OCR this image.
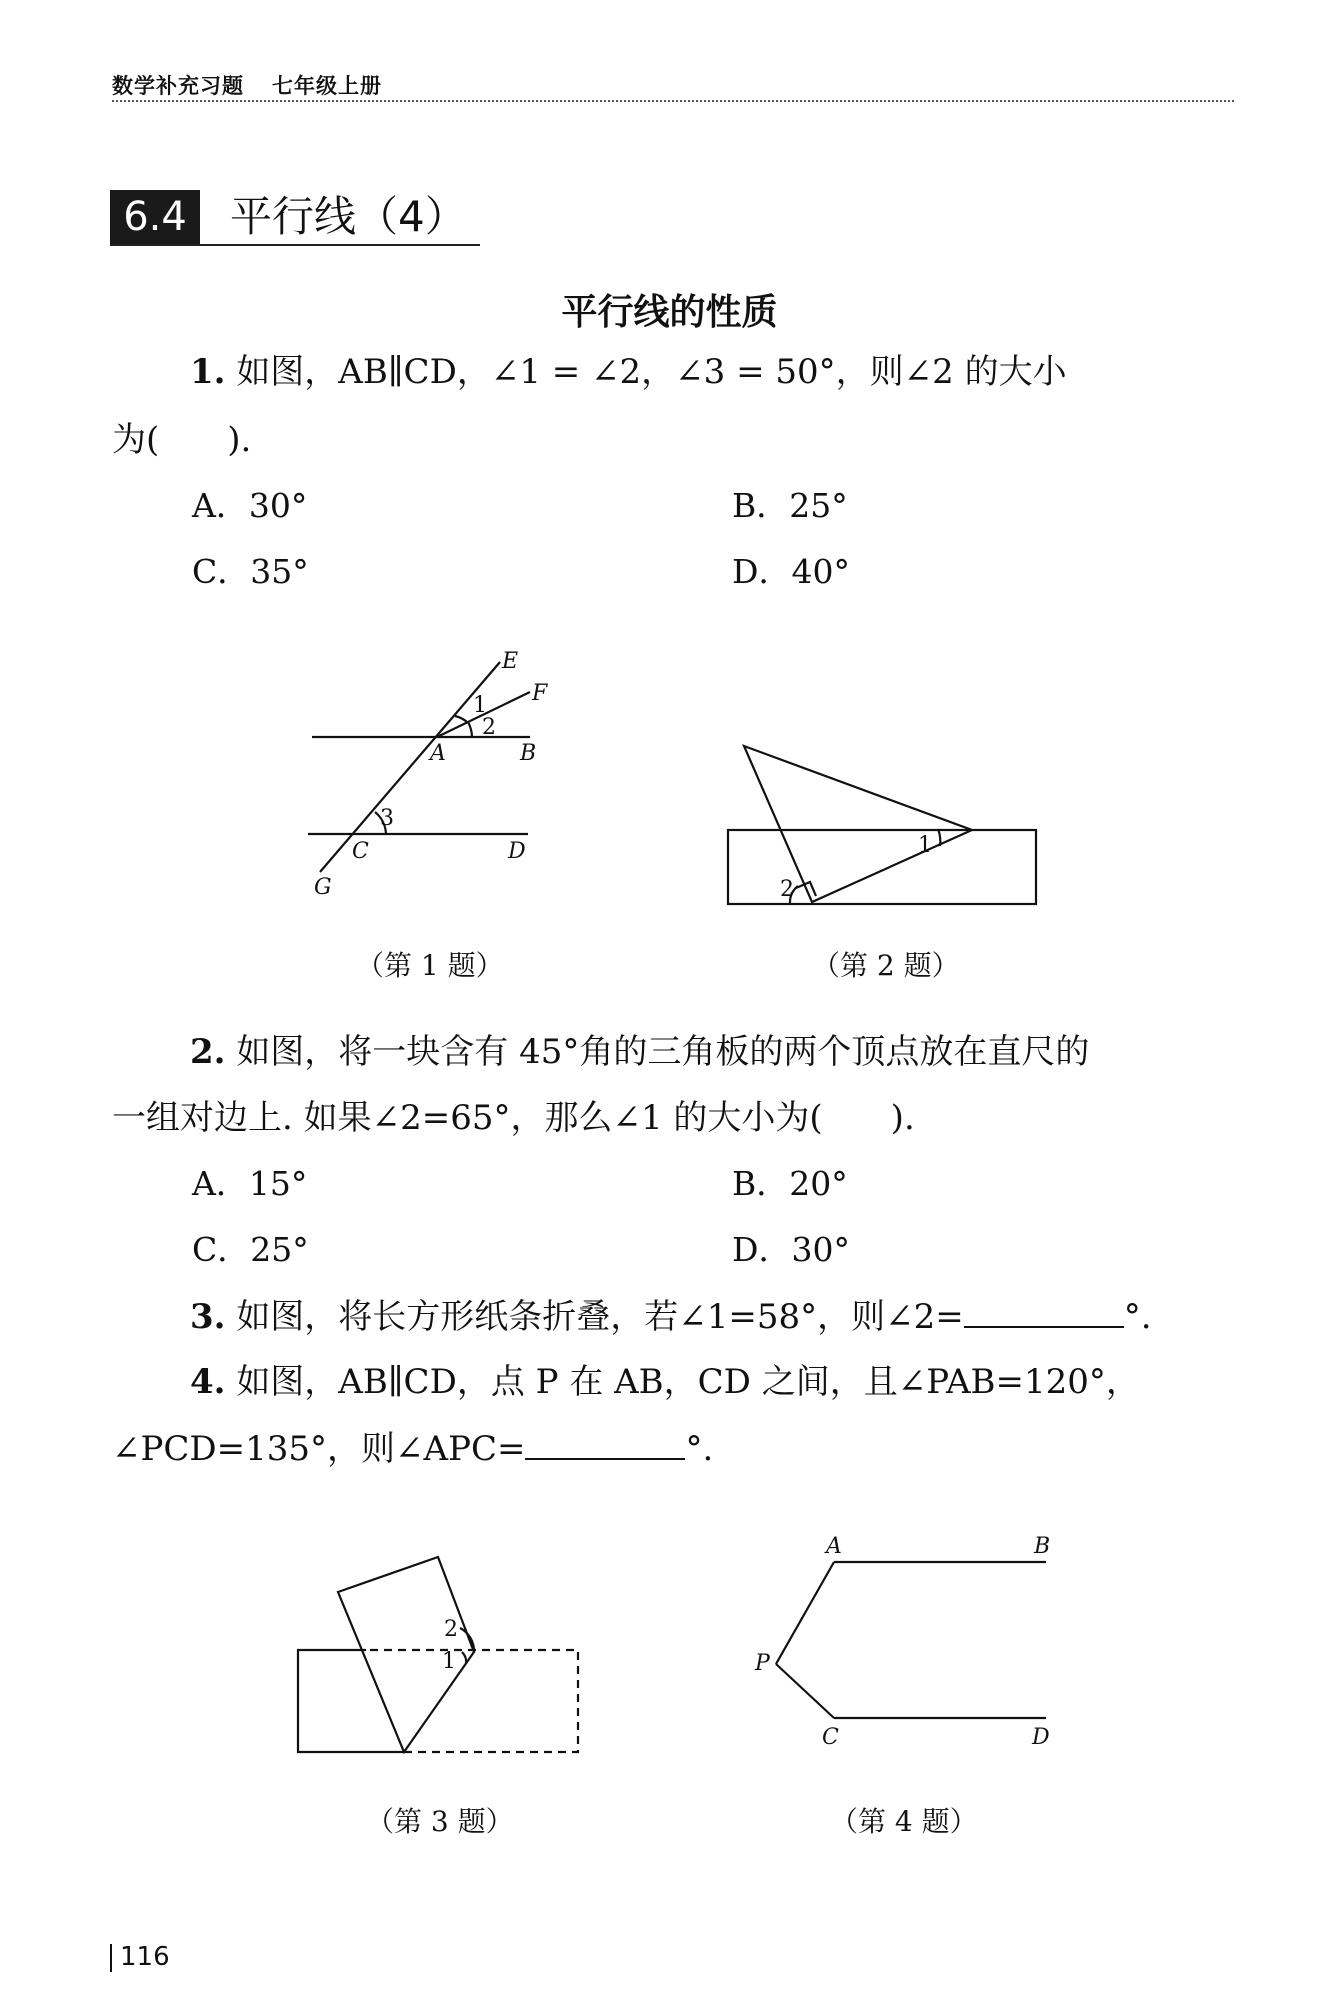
数学补充习题 七年级上册
6.4	平行线（4）
平行线的性质
1. 如图，AB∥CD，∠1 = ∠2，∠3 = 50°，则∠2 的大小
为(　　).
A．30°	B．25°
C．35°	D．40°
E
F
1
2
A	B
3
C	D
G
1
2
2
1
A	B
P
C	D
（第 1 题）	（第 2 题）
2. 如图，将一块含有 45°角的三角板的两个顶点放在直尺的
一组对边上. 如果∠2=65°，那么∠1 的大小为(　　).
A．15°	B．20°
C．25°	D．30°
3. 如图，将长方形纸条折叠，若∠1=58°，则∠2=	°.
4. 如图，AB∥CD，点 P 在 AB，CD 之间，且∠PAB=120°，
∠PCD=135°，则∠APC=	°.
（第 3 题）	（第 4 题）
116
